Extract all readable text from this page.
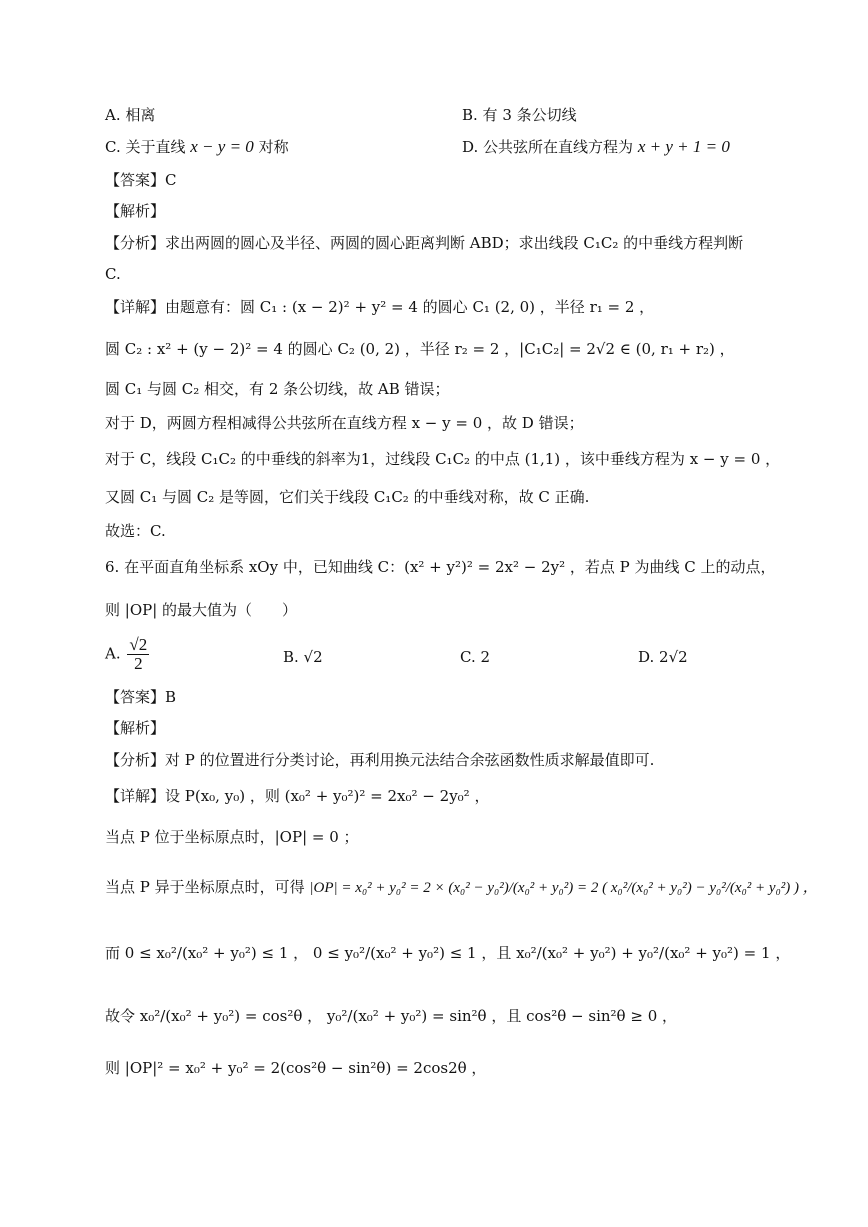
A. 相离	B. 有 3 条公切线
C. 关于直线 x − y = 0 对称	D. 公共弦所在直线方程为 x + y + 1 = 0
【答案】C
【解析】
【分析】求出两圆的圆心及半径、两圆的圆心距离判断 ABD；求出线段 C₁C₂ 的中垂线方程判断
C.
【详解】由题意有：圆 C₁ : (x − 2)² + y² = 4 的圆心 C₁ (2, 0) ，半径 r₁ = 2 ，
圆 C₂ : x² + (y − 2)² = 4 的圆心 C₂ (0, 2) ，半径 r₂ = 2 ，|C₁C₂| = 2√2 ∈ (0, r₁ + r₂) ，
圆 C₁ 与圆 C₂ 相交，有 2 条公切线，故 AB 错误；
对于 D，两圆方程相减得公共弦所在直线方程 x − y = 0 ，故 D 错误；
对于 C，线段 C₁C₂ 的中垂线的斜率为1，过线段 C₁C₂ 的中点 (1,1) ，该中垂线方程为 x − y = 0 ，
又圆 C₁ 与圆 C₂ 是等圆，它们关于线段 C₁C₂ 的中垂线对称，故 C 正确.
故选：C.
6. 在平面直角坐标系 xOy 中，已知曲线 C：(x² + y²)² = 2x² − 2y² ，若点 P 为曲线 C 上的动点，
则 |OP| 的最大值为（　　）
A. $\frac{√2}{2}$	B. √2	C. 2	D. 2√2
【答案】B
【解析】
【分析】对 P 的位置进行分类讨论，再利用换元法结合余弦函数性质求解最值即可.
【详解】设 P(x₀, y₀) ，则 (x₀² + y₀²)² = 2x₀² − 2y₀² ，
当点 P 位于坐标原点时，|OP| = 0 ；
当点 P 异于坐标原点时，可得 |OP| = x₀² + y₀² = 2 × (x₀² − y₀²)/(x₀² + y₀²) = 2 ( x₀²/(x₀² + y₀²) − y₀²/(x₀² + y₀²) ) ，
而 0 ≤ x₀²/(x₀² + y₀²) ≤ 1 ， 0 ≤ y₀²/(x₀² + y₀²) ≤ 1 ，且 x₀²/(x₀² + y₀²) + y₀²/(x₀² + y₀²) = 1 ，
故令 x₀²/(x₀² + y₀²) = cos²θ ， y₀²/(x₀² + y₀²) = sin²θ ，且 cos²θ − sin²θ ≥ 0 ，
则 |OP|² = x₀² + y₀² = 2(cos²θ − sin²θ) = 2cos2θ ，
